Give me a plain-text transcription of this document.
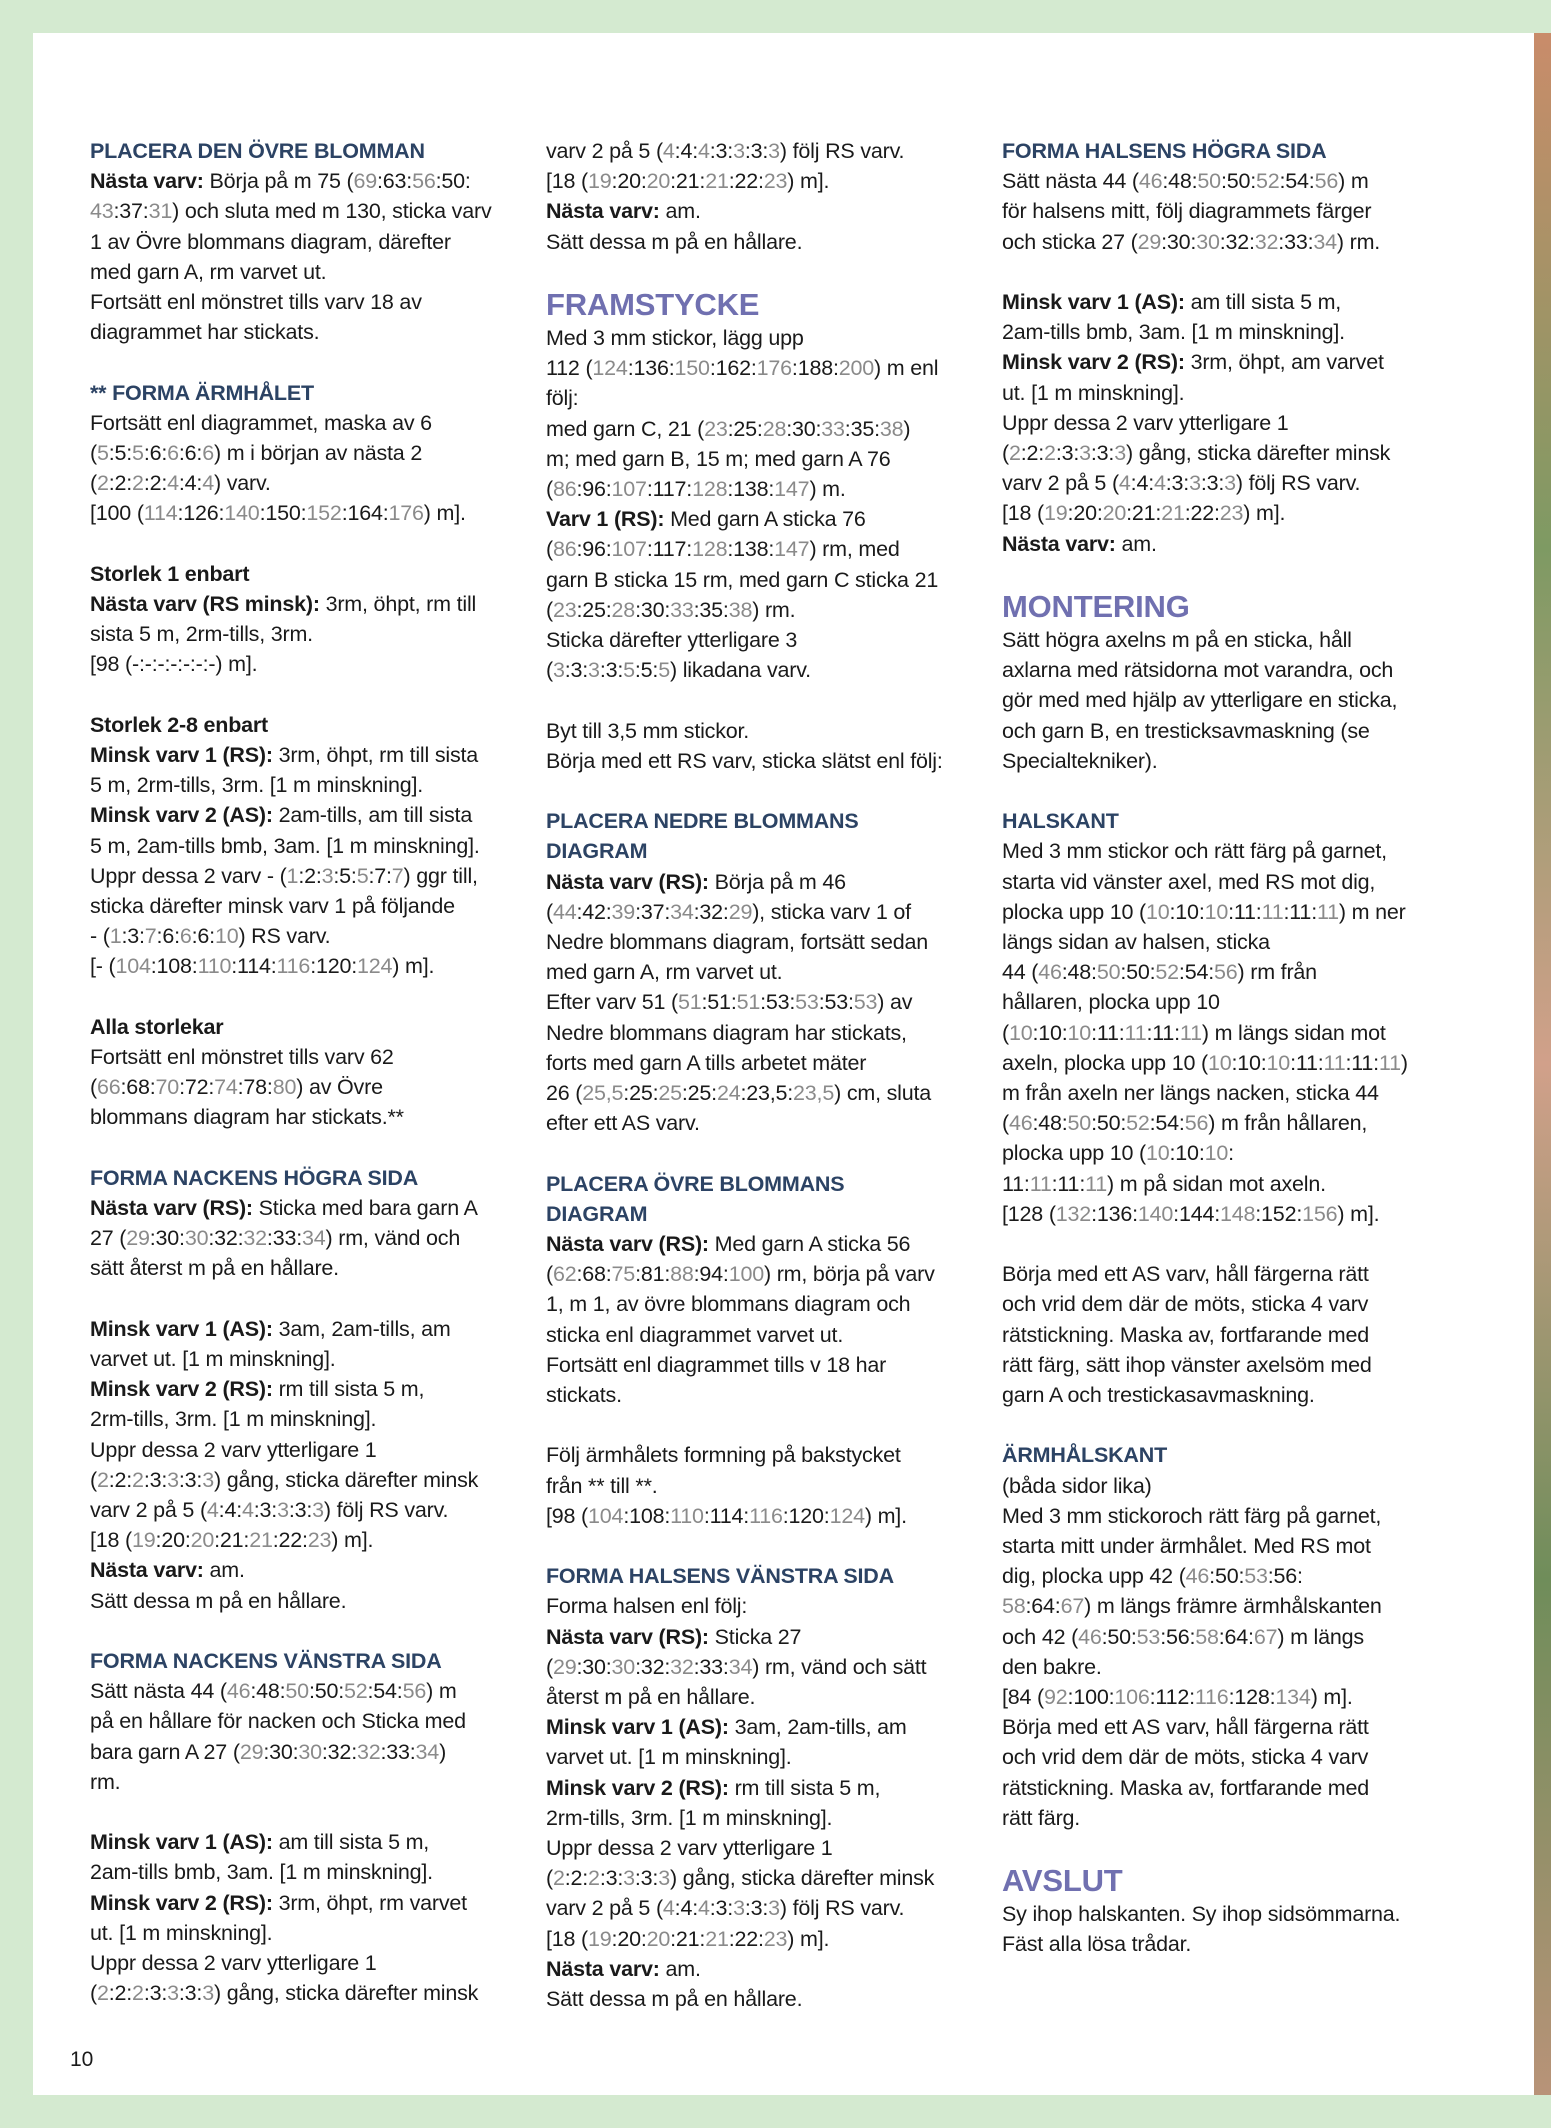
PLACERA DEN ÖVRE BLOMMAN
Nästa varv: Börja på m 75 (69:63:56:50:
43:37:31) och sluta med m 130, sticka varv
1 av Övre blommans diagram, därefter
med garn A, rm varvet ut.
Fortsätt enl mönstret tills varv 18 av
diagrammet har stickats.

** FORMA ÄRMHÅLET
Fortsätt enl diagrammet, maska av 6
(5:5:5:6:6:6:6) m i början av nästa 2
(2:2:2:2:4:4:4) varv.
[100 (114:126:140:150:152:164:176) m].

Storlek 1 enbart
Nästa varv (RS minsk): 3rm, öhpt, rm till
sista 5 m, 2rm-tills, 3rm.
[98 (-:-:-:-:-:-:-) m].

Storlek 2-8 enbart
Minsk varv 1 (RS): 3rm, öhpt, rm till sista
5 m, 2rm-tills, 3rm. [1 m minskning].
Minsk varv 2 (AS): 2am-tills, am till sista
5 m, 2am-tills bmb, 3am. [1 m minskning].
Uppr dessa 2 varv - (1:2:3:5:5:7:7) ggr till,
sticka därefter minsk varv 1 på följande
- (1:3:7:6:6:6:10) RS varv.
[- (104:108:110:114:116:120:124) m].

Alla storlekar
Fortsätt enl mönstret tills varv 62
(66:68:70:72:74:78:80) av Övre
blommans diagram har stickats.**

FORMA NACKENS HÖGRA SIDA
Nästa varv (RS): Sticka med bara garn A
27 (29:30:30:32:32:33:34) rm, vänd och
sätt återst m på en hållare.

Minsk varv 1 (AS): 3am, 2am-tills, am
varvet ut. [1 m minskning].
Minsk varv 2 (RS): rm till sista 5 m,
2rm-tills, 3rm. [1 m minskning].
Uppr dessa 2 varv ytterligare 1
(2:2:2:3:3:3:3) gång, sticka därefter minsk
varv 2 på 5 (4:4:4:3:3:3:3) följ RS varv.
[18 (19:20:20:21:21:22:23) m].
Nästa varv: am.
Sätt dessa m på en hållare.

FORMA NACKENS VÄNSTRA SIDA
Sätt nästa 44 (46:48:50:50:52:54:56) m
på en hållare för nacken och Sticka med
bara garn A 27 (29:30:30:32:32:33:34)
rm.

Minsk varv 1 (AS): am till sista 5 m,
2am-tills bmb, 3am. [1 m minskning].
Minsk varv 2 (RS): 3rm, öhpt, rm varvet
ut. [1 m minskning].
Uppr dessa 2 varv ytterligare 1
(2:2:2:3:3:3:3) gång, sticka därefter minsk

varv 2 på 5 (4:4:4:3:3:3:3) följ RS varv.
[18 (19:20:20:21:21:22:23) m].
Nästa varv: am.
Sätt dessa m på en hållare.

FRAMSTYCKE
Med 3 mm stickor, lägg upp
112 (124:136:150:162:176:188:200) m enl
följ:
med garn C, 21 (23:25:28:30:33:35:38)
m; med garn B, 15 m; med garn A 76
(86:96:107:117:128:138:147) m.
Varv 1 (RS): Med garn A sticka 76
(86:96:107:117:128:138:147) rm, med
garn B sticka 15 rm, med garn C sticka 21
(23:25:28:30:33:35:38) rm.
Sticka därefter ytterligare 3
(3:3:3:3:5:5:5) likadana varv.

Byt till 3,5 mm stickor.
Börja med ett RS varv, sticka slätst enl följ:

PLACERA NEDRE BLOMMANS
DIAGRAM
Nästa varv (RS): Börja på m 46
(44:42:39:37:34:32:29), sticka varv 1 of
Nedre blommans diagram, fortsätt sedan
med garn A, rm varvet ut.
Efter varv 51 (51:51:51:53:53:53:53) av
Nedre blommans diagram har stickats,
forts med garn A tills arbetet mäter
26 (25,5:25:25:25:24:23,5:23,5) cm, sluta
efter ett AS varv.

PLACERA ÖVRE BLOMMANS
DIAGRAM
Nästa varv (RS): Med garn A sticka 56
(62:68:75:81:88:94:100) rm, börja på varv
1, m 1, av övre blommans diagram och
sticka enl diagrammet varvet ut.
Fortsätt enl diagrammet tills v 18 har
stickats.

Följ ärmhålets formning på bakstycket
från ** till **.
[98 (104:108:110:114:116:120:124) m].

FORMA HALSENS VÄNSTRA SIDA
Forma halsen enl följ:
Nästa varv (RS): Sticka 27
(29:30:30:32:32:33:34) rm, vänd och sätt
återst m på en hållare.
Minsk varv 1 (AS): 3am, 2am-tills, am
varvet ut. [1 m minskning].
Minsk varv 2 (RS): rm till sista 5 m,
2rm-tills, 3rm. [1 m minskning].
Uppr dessa 2 varv ytterligare 1
(2:2:2:3:3:3:3) gång, sticka därefter minsk
varv 2 på 5 (4:4:4:3:3:3:3) följ RS varv.
[18 (19:20:20:21:21:22:23) m].
Nästa varv: am.
Sätt dessa m på en hållare.

FORMA HALSENS HÖGRA SIDA
Sätt nästa 44 (46:48:50:50:52:54:56) m
för halsens mitt, följ diagrammets färger
och sticka 27 (29:30:30:32:32:33:34) rm.

Minsk varv 1 (AS): am till sista 5 m,
2am-tills bmb, 3am. [1 m minskning].
Minsk varv 2 (RS): 3rm, öhpt, am varvet
ut. [1 m minskning].
Uppr dessa 2 varv ytterligare 1
(2:2:2:3:3:3:3) gång, sticka därefter minsk
varv 2 på 5 (4:4:4:3:3:3:3) följ RS varv.
[18 (19:20:20:21:21:22:23) m].
Nästa varv: am.

MONTERING
Sätt högra axelns m på en sticka, håll
axlarna med rätsidorna mot varandra, och
gör med med hjälp av ytterligare en sticka,
och garn B, en tresticksavmaskning (se
Specialtekniker).

HALSKANT
Med 3 mm stickor och rätt färg på garnet,
starta vid vänster axel, med RS mot dig,
plocka upp 10 (10:10:10:11:11:11:11) m ner
längs sidan av halsen, sticka
44 (46:48:50:50:52:54:56) rm från
hållaren, plocka upp 10
(10:10:10:11:11:11:11) m längs sidan mot
axeln, plocka upp 10 (10:10:10:11:11:11:11)
m från axeln ner längs nacken, sticka 44
(46:48:50:50:52:54:56) m från hållaren,
plocka upp 10 (10:10:10:
11:11:11:11) m på sidan mot axeln.
[128 (132:136:140:144:148:152:156) m].

Börja med ett AS varv, håll färgerna rätt
och vrid dem där de möts, sticka 4 varv
rätstickning. Maska av, fortfarande med
rätt färg, sätt ihop vänster axelsöm med
garn A och trestickasavmaskning.

ÄRMHÅLSKANT
(båda sidor lika)
Med 3 mm stickoroch rätt färg på garnet,
starta mitt under ärmhålet. Med RS mot
dig, plocka upp 42 (46:50:53:56:
58:64:67) m längs främre ärmhålskanten
och 42 (46:50:53:56:58:64:67) m längs
den bakre.
[84 (92:100:106:112:116:128:134) m].
Börja med ett AS varv, håll färgerna rätt
och vrid dem där de möts, sticka 4 varv
rätstickning. Maska av, fortfarande med
rätt färg.

AVSLUT
Sy ihop halskanten. Sy ihop sidsömmarna.
Fäst alla lösa trådar.

10
